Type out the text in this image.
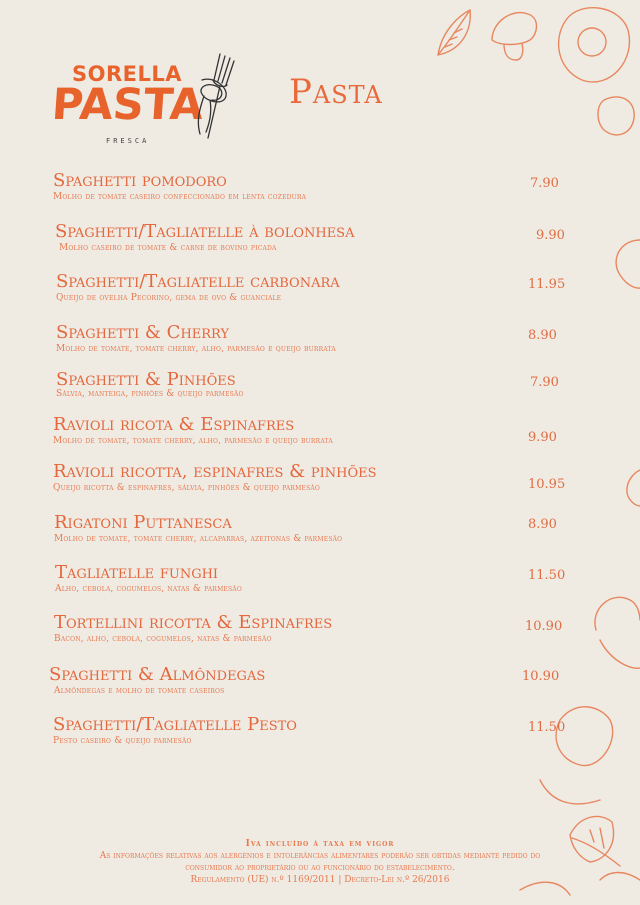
SORELLA
PASTA
FRESCA
Pasta
Spaghetti pomodoro
Molho de tomate caseiro confeccionado em lenta cozedura
7.90
Spaghetti/Tagliatelle à bolonhesa
Molho caseiro de tomate & carne de bovino picada
9.90
Spaghetti/Tagliatelle carbonara
Queijo de ovelha Pecorino, gema de ovo & guanciale
11.95
Spaghetti & Cherry
Molho de tomate, tomate cherry, alho, parmesão e queijo burrata
8.90
Spaghetti & Pinhões
Sálvia, manteiga, pinhões & queijo parmesão
7.90
Ravioli ricota & Espinafres
Molho de tomate, tomate cherry, alho, parmesão e queijo burrata	9.90
Ravioli ricotta, espinafres & pinhões
Queijo ricotta & espinafres, sálvia, pinhões & queijo parmesão	10.95
Rigatoni Puttanesca
Molho de tomate, tomate cherry, alcaparras, azeitonas & parmesão
8.90
Tagliatelle funghi
Alho, cebola, cogumelos, natas & parmesão
11.50
Tortellini ricotta & Espinafres
Bacon, alho, cebola, cogumelos, natas & parmesão
10.90
Spaghetti & Almôndegas
Almôndegas e molho de tomate caseiros
10.90
Spaghetti/Tagliatelle Pesto
Pesto caseiro & queijo parmesão
11.50
Iva incluído à taxa em vigor
As informações relativas aos alergénios e intolerâncias alimentares poderão ser obtidas mediante pedido do
consumidor ao proprietário ou ao funcionário do estabelecimento.
Regulamento (UE) n.º 1169/2011 | Decreto-Lei n.º 26/2016
